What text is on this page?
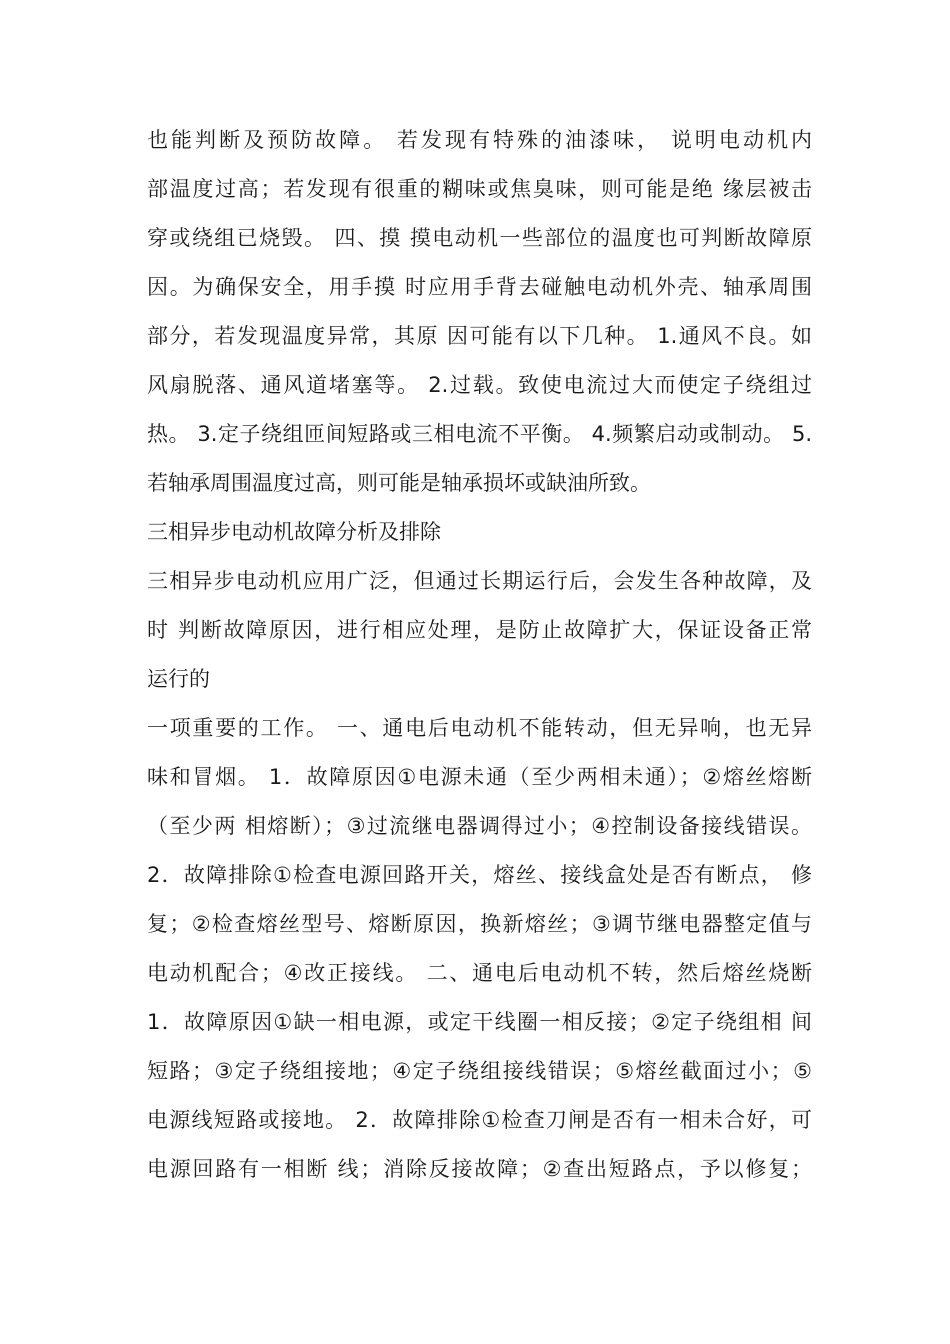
也能判断及预防故障。 若发现有特殊的油漆味， 说明电动机内
部温度过高；若发现有很重的糊味或焦臭味，则可能是绝 缘层被击
穿或绕组已烧毁。 四、摸 摸电动机一些部位的温度也可判断故障原
因。为确保安全，用手摸 时应用手背去碰触电动机外壳、轴承周围
部分，若发现温度异常，其原 因可能有以下几种。 1.通风不良。如
风扇脱落、通风道堵塞等。 2.过载。致使电流过大而使定子绕组过
热。 3.定子绕组匝间短路或三相电流不平衡。 4.频繁启动或制动。 5.
若轴承周围温度过高，则可能是轴承损坏或缺油所致。
三相异步电动机故障分析及排除
三相异步电动机应用广泛，但通过长期运行后，会发生各种故障，及
时 判断故障原因，进行相应处理，是防止故障扩大，保证设备正常
运行的
一项重要的工作。 一、通电后电动机不能转动，但无异响，也无异
味和冒烟。 1．故障原因①电源未通（至少两相未通）；②熔丝熔断
（至少两 相熔断）；③过流继电器调得过小；④控制设备接线错误。
2．故障排除①检查电源回路开关，熔丝、接线盒处是否有断点， 修
复；②检查熔丝型号、熔断原因，换新熔丝；③调节继电器整定值与
电动机配合；④改正接线。 二、通电后电动机不转，然后熔丝烧断
1．故障原因①缺一相电源，或定干线圈一相反接；②定子绕组相 间
短路；③定子绕组接地；④定子绕组接线错误；⑤熔丝截面过小；⑤
电源线短路或接地。 2．故障排除①检查刀闸是否有一相未合好，可
电源回路有一相断 线；消除反接故障；②查出短路点，予以修复；
